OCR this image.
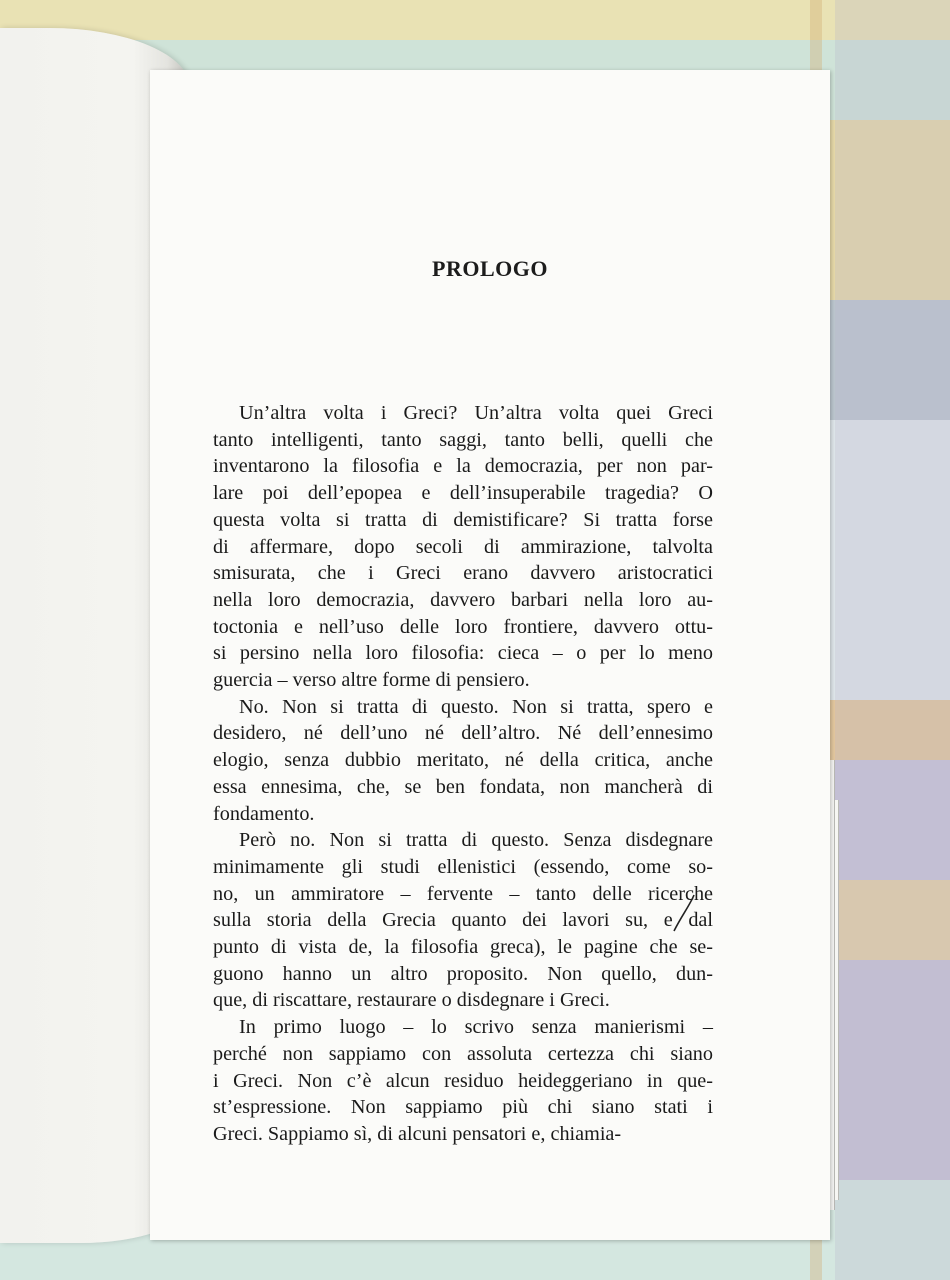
PROLOGO

Un’altra volta i Greci? Un’altra volta quei Greci
tanto intelligenti, tanto saggi, tanto belli, quelli che
inventarono la filosofia e la democrazia, per non par-
lare poi dell’epopea e dell’insuperabile tragedia? O
questa volta si tratta di demistificare? Si tratta forse
di affermare, dopo secoli di ammirazione, talvolta
smisurata, che i Greci erano davvero aristocratici
nella loro democrazia, davvero barbari nella loro au-
toctonia e nell’uso delle loro frontiere, davvero ottu-
si persino nella loro filosofia: cieca – o per lo meno
guercia – verso altre forme di pensiero.

No. Non si tratta di questo. Non si tratta, spero e
desidero, né dell’uno né dell’altro. Né dell’ennesimo
elogio, senza dubbio meritato, né della critica, anche
essa ennesima, che, se ben fondata, non mancherà di
fondamento.

Però no. Non si tratta di questo. Senza disdegnare
minimamente gli studi ellenistici (essendo, come so-
no, un ammiratore – fervente – tanto delle ricerche
sulla storia della Grecia quanto dei lavori su, e dal
punto di vista de, la filosofia greca), le pagine che se-
guono hanno un altro proposito. Non quello, dun-
que, di riscattare, restaurare o disdegnare i Greci.

In primo luogo – lo scrivo senza manierismi –
perché non sappiamo con assoluta certezza chi siano
i Greci. Non c’è alcun residuo heideggeriano in que-
st’espressione. Non sappiamo più chi siano stati i
Greci. Sappiamo sì, di alcuni pensatori e, chiamia-
